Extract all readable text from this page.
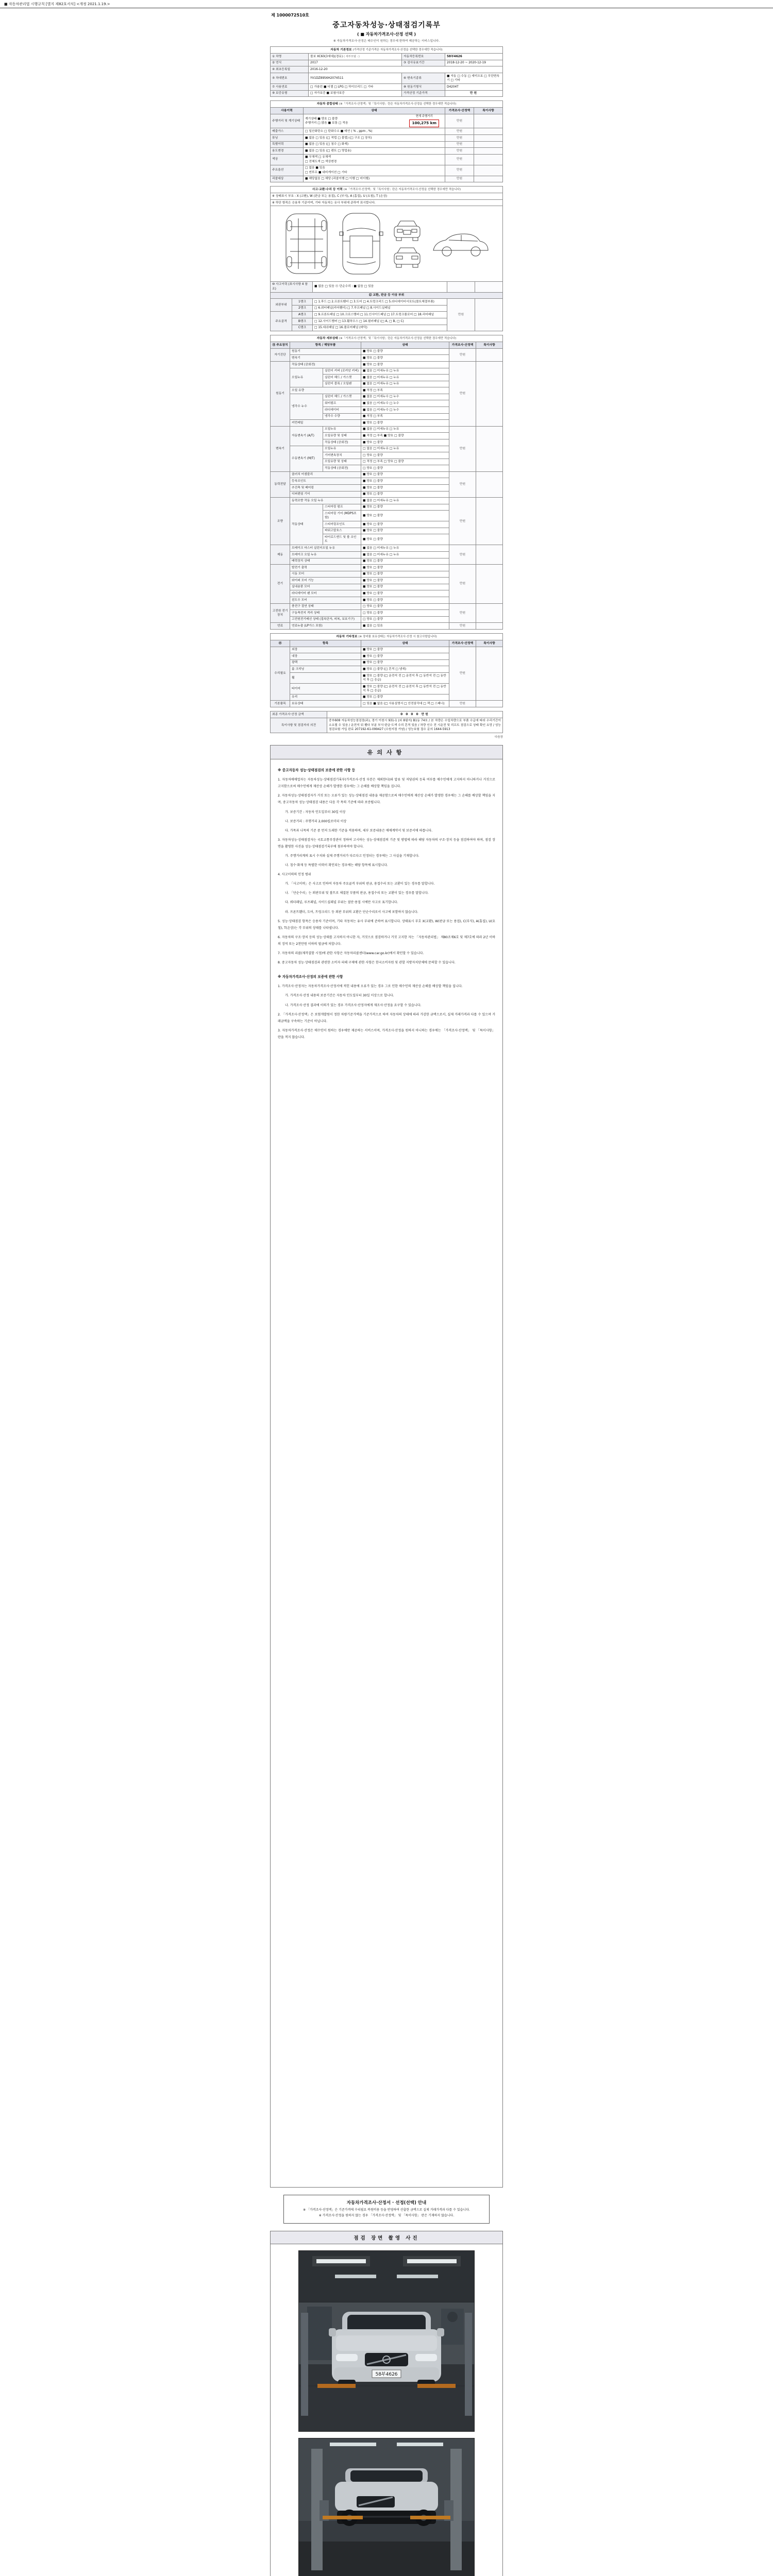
■ 자동차관리법 시행규칙 [별지 제82호서식] <개정 2021.1.19.>
제 1000072510호
중고자동차성능·상태점검기록부
( ■ 자동차가격조사·산정 선택 )
※ 자동차가격조사·산정은 매수인이 원하는 경우에 한하여 제공하는 서비스입니다.
자동차 기본정보 (가격산정 기준가격은 자동차가격조사·산정을 선택한 경우에만 적습니다)			
① 차명	볼보 XC60(3세대)(경유) ( 세부모델 : )	자동차등록번호	58부4626
② 연식	2017	③ 검사유효기간	2018-12-20 ~ 2020-12-19
④ 최초등록일	2016-12-20		
⑤ 차대번호	YV1DZ8956H2074511	⑥ 변속기종류	■ 자동 □ 수동 □ 세미오토 □ 무단변속기 □ 기타
⑦ 사용연료	□ 가솔린 ■ 디젤 □ LPG □ 하이브리드 □ 기타	⑧ 원동기형식	D4204T
⑨ 보증유형	□ 자가보증 ■ 보험사보증	가격산정 기준가격	만원
자동차 종합상태 (※「가격조사·산정액」및「특이사항」란은 자동차가격조사·산정을 선택한 경우에만 적습니다)			
사용이력	상태	가격조사·산정액	특이사항
주행거리 및 계기상태	계기상태 ■ 양호 □ 불량
주행거리 □ 많음 ■ 보통 □ 적음
현재 주행거리
100,275 km	만원	
배출가스	□ 일산화탄소 □ 탄화수소 ■ 매연 ( % , ppm , %)	만원	
튜닝	■ 없음 □ 있음 (□ 적법 □ 불법) (□ 구조 □ 장치)	만원	
특별이력	■ 없음 □ 있음 (□ 침수 □ 화재)	만원	
용도변경	■ 없음 □ 있음 (□ 렌트 □ 영업용)	만원	
색상	■ 무채색 □ 유채색
□ 전체도색 □ 색상변경	만원	
주요옵션	□ 없음 ■ 있음
□ 썬루프 ■ 네비게이션 □ 기타	만원	
리콜대상	■ 해당없음 □ 해당 (리콜이행 □ 이행 □ 미이행)	만원	
사고·교환·수리 등 이력 (※「가격조사·산정액」및「특이사항」란은 자동차가격조사·산정을 선택한 경우에만 적습니다)				
※ 상태표시 부호 : X (교환), W (판금 또는 용접), C (부식), A (흠집), U (요철), T (손상)				
※ 하단 항목은 승용차 기준이며, 기타 자동차는 유사 부위에 준하여 표시합니다.				

⑩ 사고이력 (표시사항 4 참조)		■ 없음 □ 있음 ⑪ 단순수리 : ■ 없음 □ 있음		
⑫ 교환, 판금 등 이상 부위				
외판부위	1랭크	□ 1.후드 □ 2.프론트휀더 □ 3.도어 □ 4.트렁크리드 □ 5.라디에이터서포트(볼트체결부품)	만원	
	2랭크	□ 6.쿼터패널(리어휀더) □ 7.루프패널 □ 8.사이드실패널		
주요골격	A랭크	□ 9.프론트패널 □ 10.크로스멤버 □ 11.인사이드패널 □ 17.트렁크플로어 □ 18.리어패널		
	B랭크	□ 12.사이드멤버 □ 13.휠하우스 □ 14.필러패널 (□ A, □ B, □ C)		
	C랭크	□ 15.대쉬패널 □ 16.플로어패널 (바닥)		
자동차 세부상태 (※「가격조사·산정액」및「특이사항」란은 자동차가격조사·산정을 선택한 경우에만 적습니다)					
⑬ 주요장치	항목 / 해당부품		상태	가격조사·산정액	특이사항
자기진단	원동기		■ 양호 □ 불량	만원	
	변속기		■ 양호 □ 불량		
원동기	작동상태 (공회전)		■ 양호 □ 불량	만원	
	오일누유	실린더 커버 (로커암 커버)	■ 없음 □ 미세누유 □ 누유		
		실린더 헤드 / 가스켓	■ 없음 □ 미세누유 □ 누유		
		실린더 블록 / 오일팬	■ 없음 □ 미세누유 □ 누유		
	오일 유량		■ 적정 □ 부족		
	냉각수 누수	실린더 헤드 / 가스켓	■ 없음 □ 미세누수 □ 누수		
		워터펌프	■ 없음 □ 미세누수 □ 누수		
		라디에이터	■ 없음 □ 미세누수 □ 누수		
		냉각수 수량	■ 적정 □ 부족		
	커먼레일		■ 양호 □ 불량		
변속기	자동변속기 (A/T)	오일누유	■ 없음 □ 미세누유 □ 누유	만원	
		오일유량 및 상태	■ 적정 □ 부족 ■ 양호 □ 불량		
		작동상태 (공회전)	■ 양호 □ 불량		
	수동변속기 (M/T)	오일누유	□ 없음 □ 미세누유 □ 누유		
		기어변속장치	□ 양호 □ 불량		
		오일유량 및 상태	□ 적정 □ 부족 □ 양호 □ 불량		
		작동상태 (공회전)	□ 양호 □ 불량		
동력전달	클러치 어셈블리		■ 양호 □ 불량	만원	
	등속조인트		■ 양호 □ 불량		
	추진축 및 베어링		■ 양호 □ 불량		
	디퍼렌셜 기어		■ 양호 □ 불량		
조향	동력조향 작동 오일 누유		■ 없음 □ 미세누유 □ 누유	만원	
	작동상태	스티어링 펌프	■ 양호 □ 불량		
		스티어링 기어 (MDPS포함)	■ 양호 □ 불량		
		스티어링조인트	■ 양호 □ 불량		
		파워고압호스	■ 양호 □ 불량		
		타이로드엔드 및 볼 조인트	■ 양호 □ 불량		
제동	브레이크 마스터 실린더오일 누유		■ 없음 □ 미세누유 □ 누유	만원	
	브레이크 오일 누유		■ 없음 □ 미세누유 □ 누유		
	배력장치 상태		■ 양호 □ 불량		
전기	발전기 출력		■ 양호 □ 불량	만원	
	시동 모터		■ 양호 □ 불량		
	와이퍼 모터 기능		■ 양호 □ 불량		
	실내송풍 모터		■ 양호 □ 불량		
	라디에이터 팬 모터		■ 양호 □ 불량		
	윈도우 모터		■ 양호 □ 불량		
고전원 전기장치	충전구 절연 상태		□ 양호 □ 불량	만원	
	구동축전지 격리 상태		□ 양호 □ 불량		
	고전원전기배선 상태 (접속단자, 피복, 보호기구)		□ 양호 □ 불량		
연료	연료누출 (LP가스 포함)		■ 없음 □ 있음	만원	
자동차 기타정보 (※ 장비품 보유상태는 자동차가격조사·산정 시 참고사항입니다)				
⑭	항목	상태	가격조사·산정액	특이사항
수리필요	외장	■ 양호 □ 불량	만원	
	내장	■ 양호 □ 불량		
	광택	■ 양호 □ 불량		
	룸 크리닝	■ 양호 □ 불량 (□ 흔적 □ 냄새)		
	휠	■ 양호 □ 불량 (□ 운전석 전 □ 운전석 후 □ 동반석 전 □ 동반석 후 □ 응급)		
	타이어	■ 양호 □ 불량 (□ 운전석 전 □ 운전석 후 □ 동반석 전 □ 동반석 후 □ 응급)		
	유리	■ 양호 □ 불량		
기본품목	보유상태	□ 있음 ■ 없음 (□ 사용설명서 □ 안전삼각대 □ 잭 □ 스패너)	만원	
최종 가격조사·산정 금액	0 0 0 0 만원
특이사항 및 점검자의 의견	중부608 자동차성능점검장(주), 경기 이천시 931-1 (외 8필지) B1동 74호 / 본 차량은 수입차량으로 부품 수급에 따라 수리기간이 소요될 수 있음 / 운전석 뒤 휀다 부분 부식·판금·도색 수리 흔적 있음 / 차량 인수 전 시운전 및 리프트 점검으로 상태 확인 요망 / 성능점검보험 가입 완료 207192-61-099427 (수원지점 가남) / 성능보험 접수 문의 1644-5913
다음장
유의사항
※ 중고자동차 성능·상태점검의 보증에 관한 사항 등
1. 자동차매매업자는 자동차성능·상태점검기록부(가격조사·산정 부분은 제외한다)와 압류 및 저당권의 등록 여부를 매수인에게 고지하지 아니하거나 거짓으로 고지함으로써 매수인에게 재산상 손해가 발생한 경우에는 그 손해를 배상할 책임을 집니다.
2. 자동차성능·상태점검자가 거짓 또는 오류가 있는 성능·상태점검 내용을 제공함으로써 매수인에게 재산상 손해가 발생한 경우에는 그 손해를 배상할 책임을 지며, 중고자동차 성능·상태점검 내용은 다음 각 목의 기준에 따라 보증됩니다.
가. 보증기간 : 자동차 인도일부터 30일 이상
나. 보증거리 : 주행거리 2,000킬로미터 이상
다. 가목과 나목의 기준 중 먼저 도래한 기준을 적용하며, 세부 보증내용은 매매계약서 및 보증서에 따릅니다.
3. 자동차성능·상태점검자는 국토교통부장관이 정하여 고시하는 성능·상태점검의 기준 및 방법에 따라 해당 자동차의 구조·장치 등을 점검하여야 하며, 점검 장면을 촬영한 사진을 성능·상태점검기록부에 첨부하여야 합니다.
가. 주행거리계의 표시 수치와 실제 주행거리가 다르다고 인정되는 경우에는 그 사실을 기재합니다.
나. 침수·화재 등 특별한 이력이 확인되는 경우에는 해당 항목에 표시합니다.
4. 사고이력의 인정 범위
가. 「사고이력」은 사고로 인하여 자동차 주요골격 부위의 판금, 용접수리 또는 교환이 있는 경우를 말합니다.
나. 「단순수리」는 외판부위 및 볼트로 체결된 부품의 판금, 용접수리 또는 교환이 있는 경우를 말합니다.
다. 쿼터패널, 루프패널, 사이드실패널 부위는 절단·용접 시에만 사고로 표기합니다.
라. 프론트휀더, 도어, 트렁크리드 등 외판 부위의 교환은 단순수리로서 사고에 포함하지 않습니다.
5. 성능·상태점검 항목은 승용차 기준이며, 기타 자동차는 유사 부위에 준하여 표시합니다. 상태표시 부호 X(교환), W(판금 또는 용접), C(부식), A(흠집), U(요철), T(손상)는 각 부위의 상태를 나타냅니다.
6. 자동차의 구조·장치 등의 성능·상태를 고지하지 아니한 자, 거짓으로 점검하거나 거짓 고지한 자는 「자동차관리법」 제80조제6호 및 제7호에 따라 2년 이하의 징역 또는 2천만원 이하의 벌금에 처합니다.
7. 자동차의 리콜(제작결함 시정)에 관한 사항은 자동차리콜센터(www.car.go.kr)에서 확인할 수 있습니다.
8. 중고자동차 성능·상태점검과 관련한 소비자 피해 구제에 관한 사항은 한국소비자원 및 관할 지방자치단체에 문의할 수 있습니다.
※ 자동차가격조사·산정의 보증에 관한 사항
1. 가격조사·산정자는 자동차가격조사·산정서에 적힌 내용에 오류가 있는 경우 그로 인한 매수인의 재산상 손해를 배상할 책임을 집니다.
가. 가격조사·산정 내용의 보증기간은 자동차 인도일부터 30일 이상으로 합니다.
나. 가격조사·산정 결과에 이의가 있는 경우 가격조사·산정자에게 재조사·산정을 요구할 수 있습니다.
2. 「가격조사·산정액」은 보험개발원이 정한 차량기준가액을 기준가격으로 하여 자동차의 상태에 따라 가감한 금액으로서, 실제 거래가격과 다를 수 있으며 거래금액을 구속하는 기준이 아닙니다.
3. 자동차가격조사·산정은 매수인이 원하는 경우에만 제공하는 서비스이며, 가격조사·산정을 원하지 아니하는 경우에는 「가격조사·산정액」 및 「특이사항」 란을 적지 않습니다.
자동차가격조사·산정서 · 선정(선택) 안내
※ 「가격조사·산정액」은 기준가격에 수리필요 복원비용 등을 반영하여 산출한 금액으로 실제 거래가격과 다를 수 있습니다.
※ 가격조사·산정을 원하지 않는 경우 「가격조사·산정액」 및 「특이사항」 란은 기재하지 않습니다.
점검 장면 촬영 사진
58부4626
